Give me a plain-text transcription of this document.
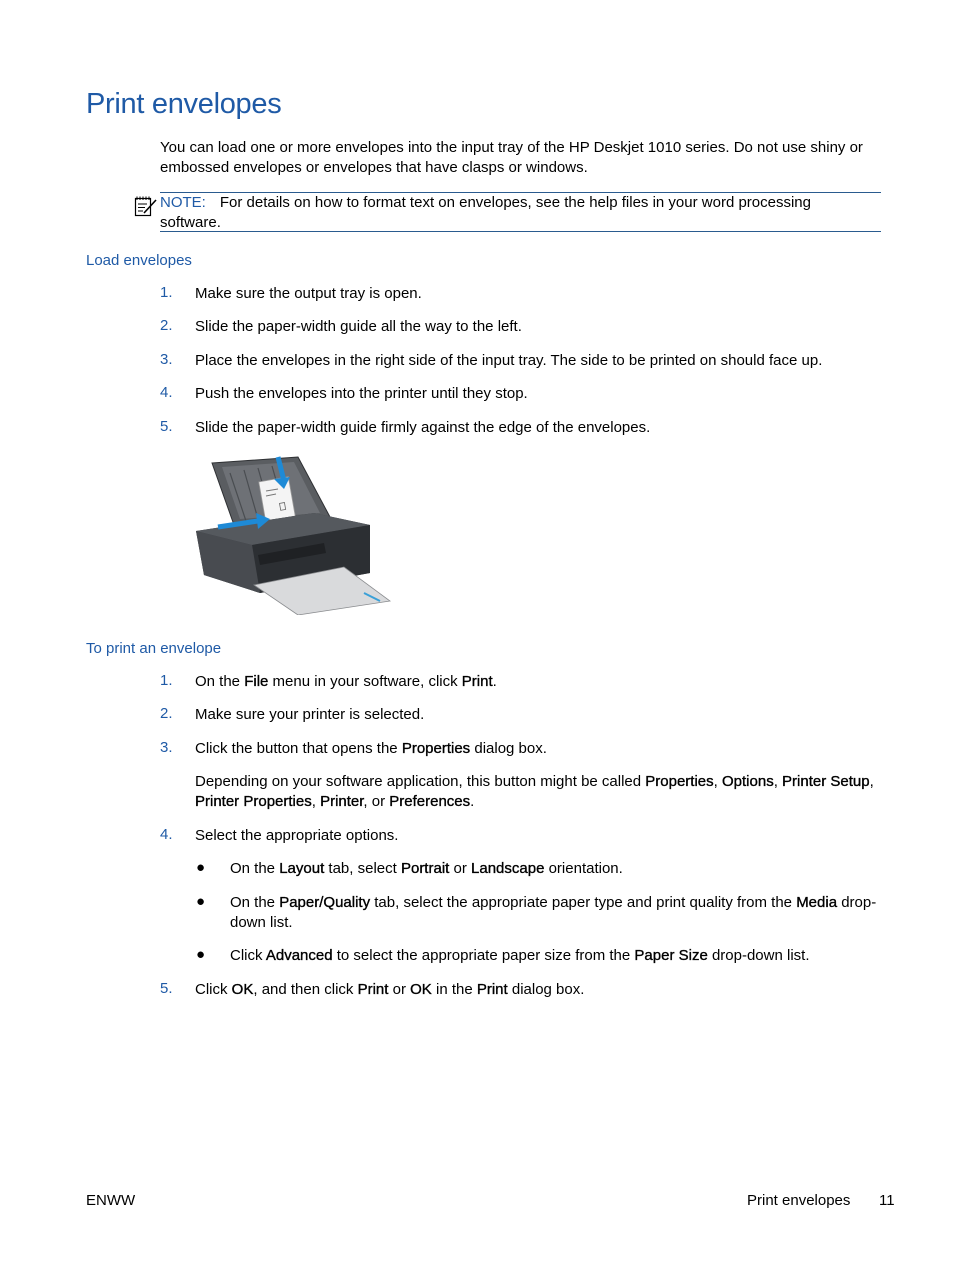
Print envelopes
You can load one or more envelopes into the input tray of the HP Deskjet 1010 series. Do not use shiny or embossed envelopes or envelopes that have clasps or windows.
NOTE: For details on how to format text on envelopes, see the help files in your word processing software.
Load envelopes
1. Make sure the output tray is open.
2. Slide the paper-width guide all the way to the left.
3. Place the envelopes in the right side of the input tray. The side to be printed on should face up.
4. Push the envelopes into the printer until they stop.
5. Slide the paper-width guide firmly against the edge of the envelopes.
To print an envelope
1. On the File menu in your software, click Print.
2. Make sure your printer is selected.
3. Click the button that opens the Properties dialog box.
Depending on your software application, this button might be called Properties, Options, Printer Setup, Printer Properties, Printer, or Preferences.
4. Select the appropriate options.
● On the Layout tab, select Portrait or Landscape orientation.
● On the Paper/Quality tab, select the appropriate paper type and print quality from the Media drop-down list.
● Click Advanced to select the appropriate paper size from the Paper Size drop-down list.
5. Click OK, and then click Print or OK in the Print dialog box.
ENWW	Print envelopes 11
